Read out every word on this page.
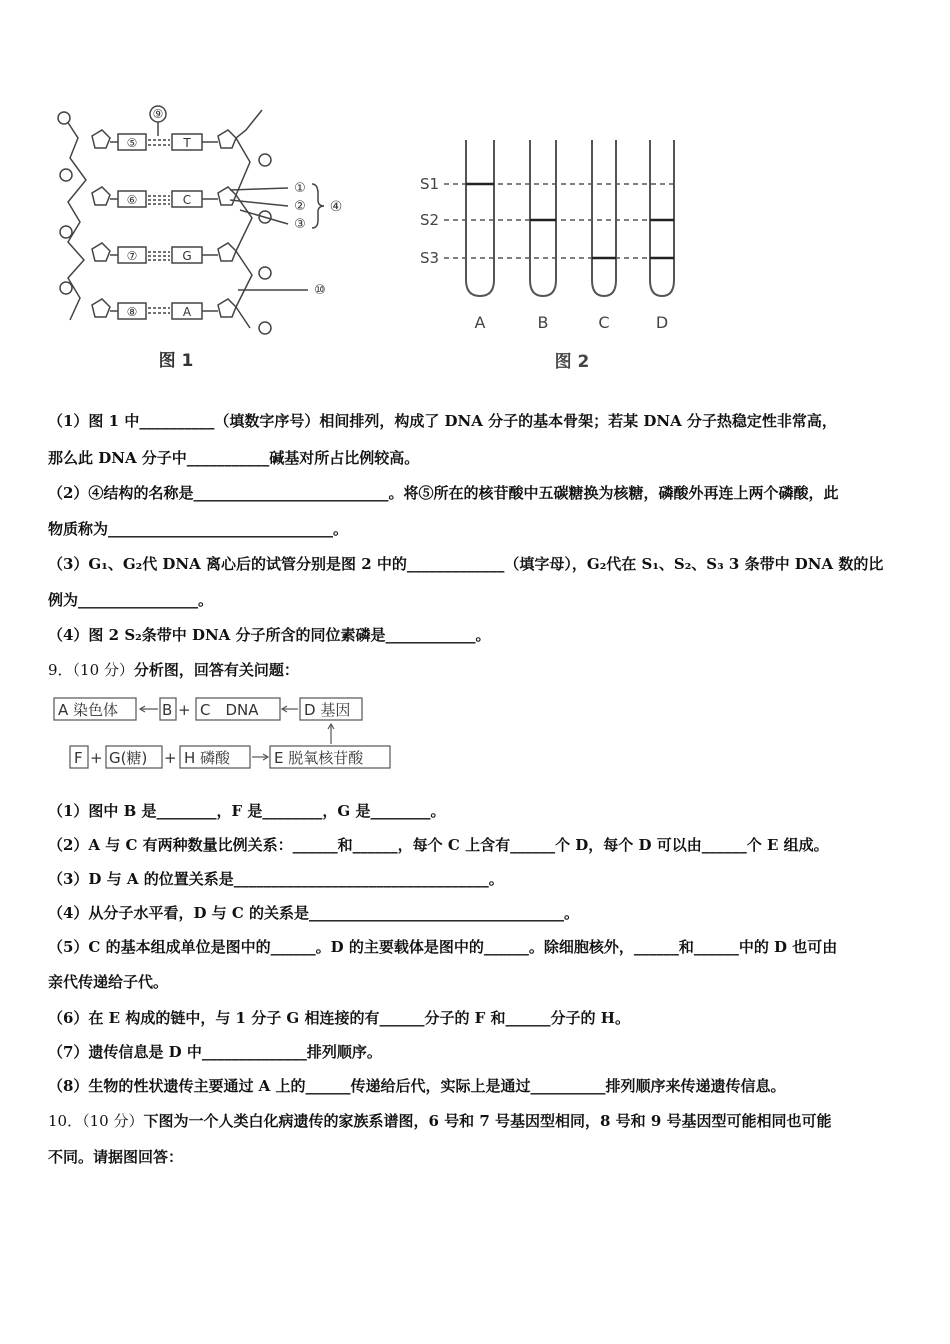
⑤
⑥
⑦
⑧
T
C
G
A
⑨
①
②
③
④
⑩
图 1
S1
S2
S3
A	B	C	D
图 2
（1）图 1 中__________（填数字序号）相间排列，构成了 DNA 分子的基本骨架；若某 DNA 分子热稳定性非常高，
那么此 DNA 分子中___________碱基对所占比例较高。
（2）④结构的名称是__________________________。将⑤所在的核苷酸中五碳糖换为核糖，磷酸外再连上两个磷酸，此
物质称为______________________________。
（3）G₁、G₂代 DNA 离心后的试管分别是图 2 中的_____________（填字母），G₂代在 S₁、S₂、S₃ 3 条带中 DNA 数的比
例为________________。
（4）图 2 S₂条带中 DNA 分子所含的同位素磷是____________。
9．（10 分）分析图，回答有关问题：
A 染色体	B + C　DNA	D 基因
F + G(糖) + H 磷酸	E 脱氧核苷酸
（1）图中 B 是________，F 是________，G 是________。
（2）A 与 C 有两种数量比例关系：______和______，每个 C 上含有______个 D，每个 D 可以由______个 E 组成。
（3）D 与 A 的位置关系是__________________________________。
（4）从分子水平看，D 与 C 的关系是__________________________________。
（5）C 的基本组成单位是图中的______。D 的主要载体是图中的______。除细胞核外，______和______中的 D 也可由
亲代传递给子代。
（6）在 E 构成的链中，与 1 分子 G 相连接的有______分子的 F 和______分子的 H。
（7）遗传信息是 D 中______________排列顺序。
（8）生物的性状遗传主要通过 A 上的______传递给后代，实际上是通过__________排列顺序来传递遗传信息。
10．（10 分）下图为一个人类白化病遗传的家族系谱图，6 号和 7 号基因型相同，8 号和 9 号基因型可能相同也可能
不同。请据图回答：
